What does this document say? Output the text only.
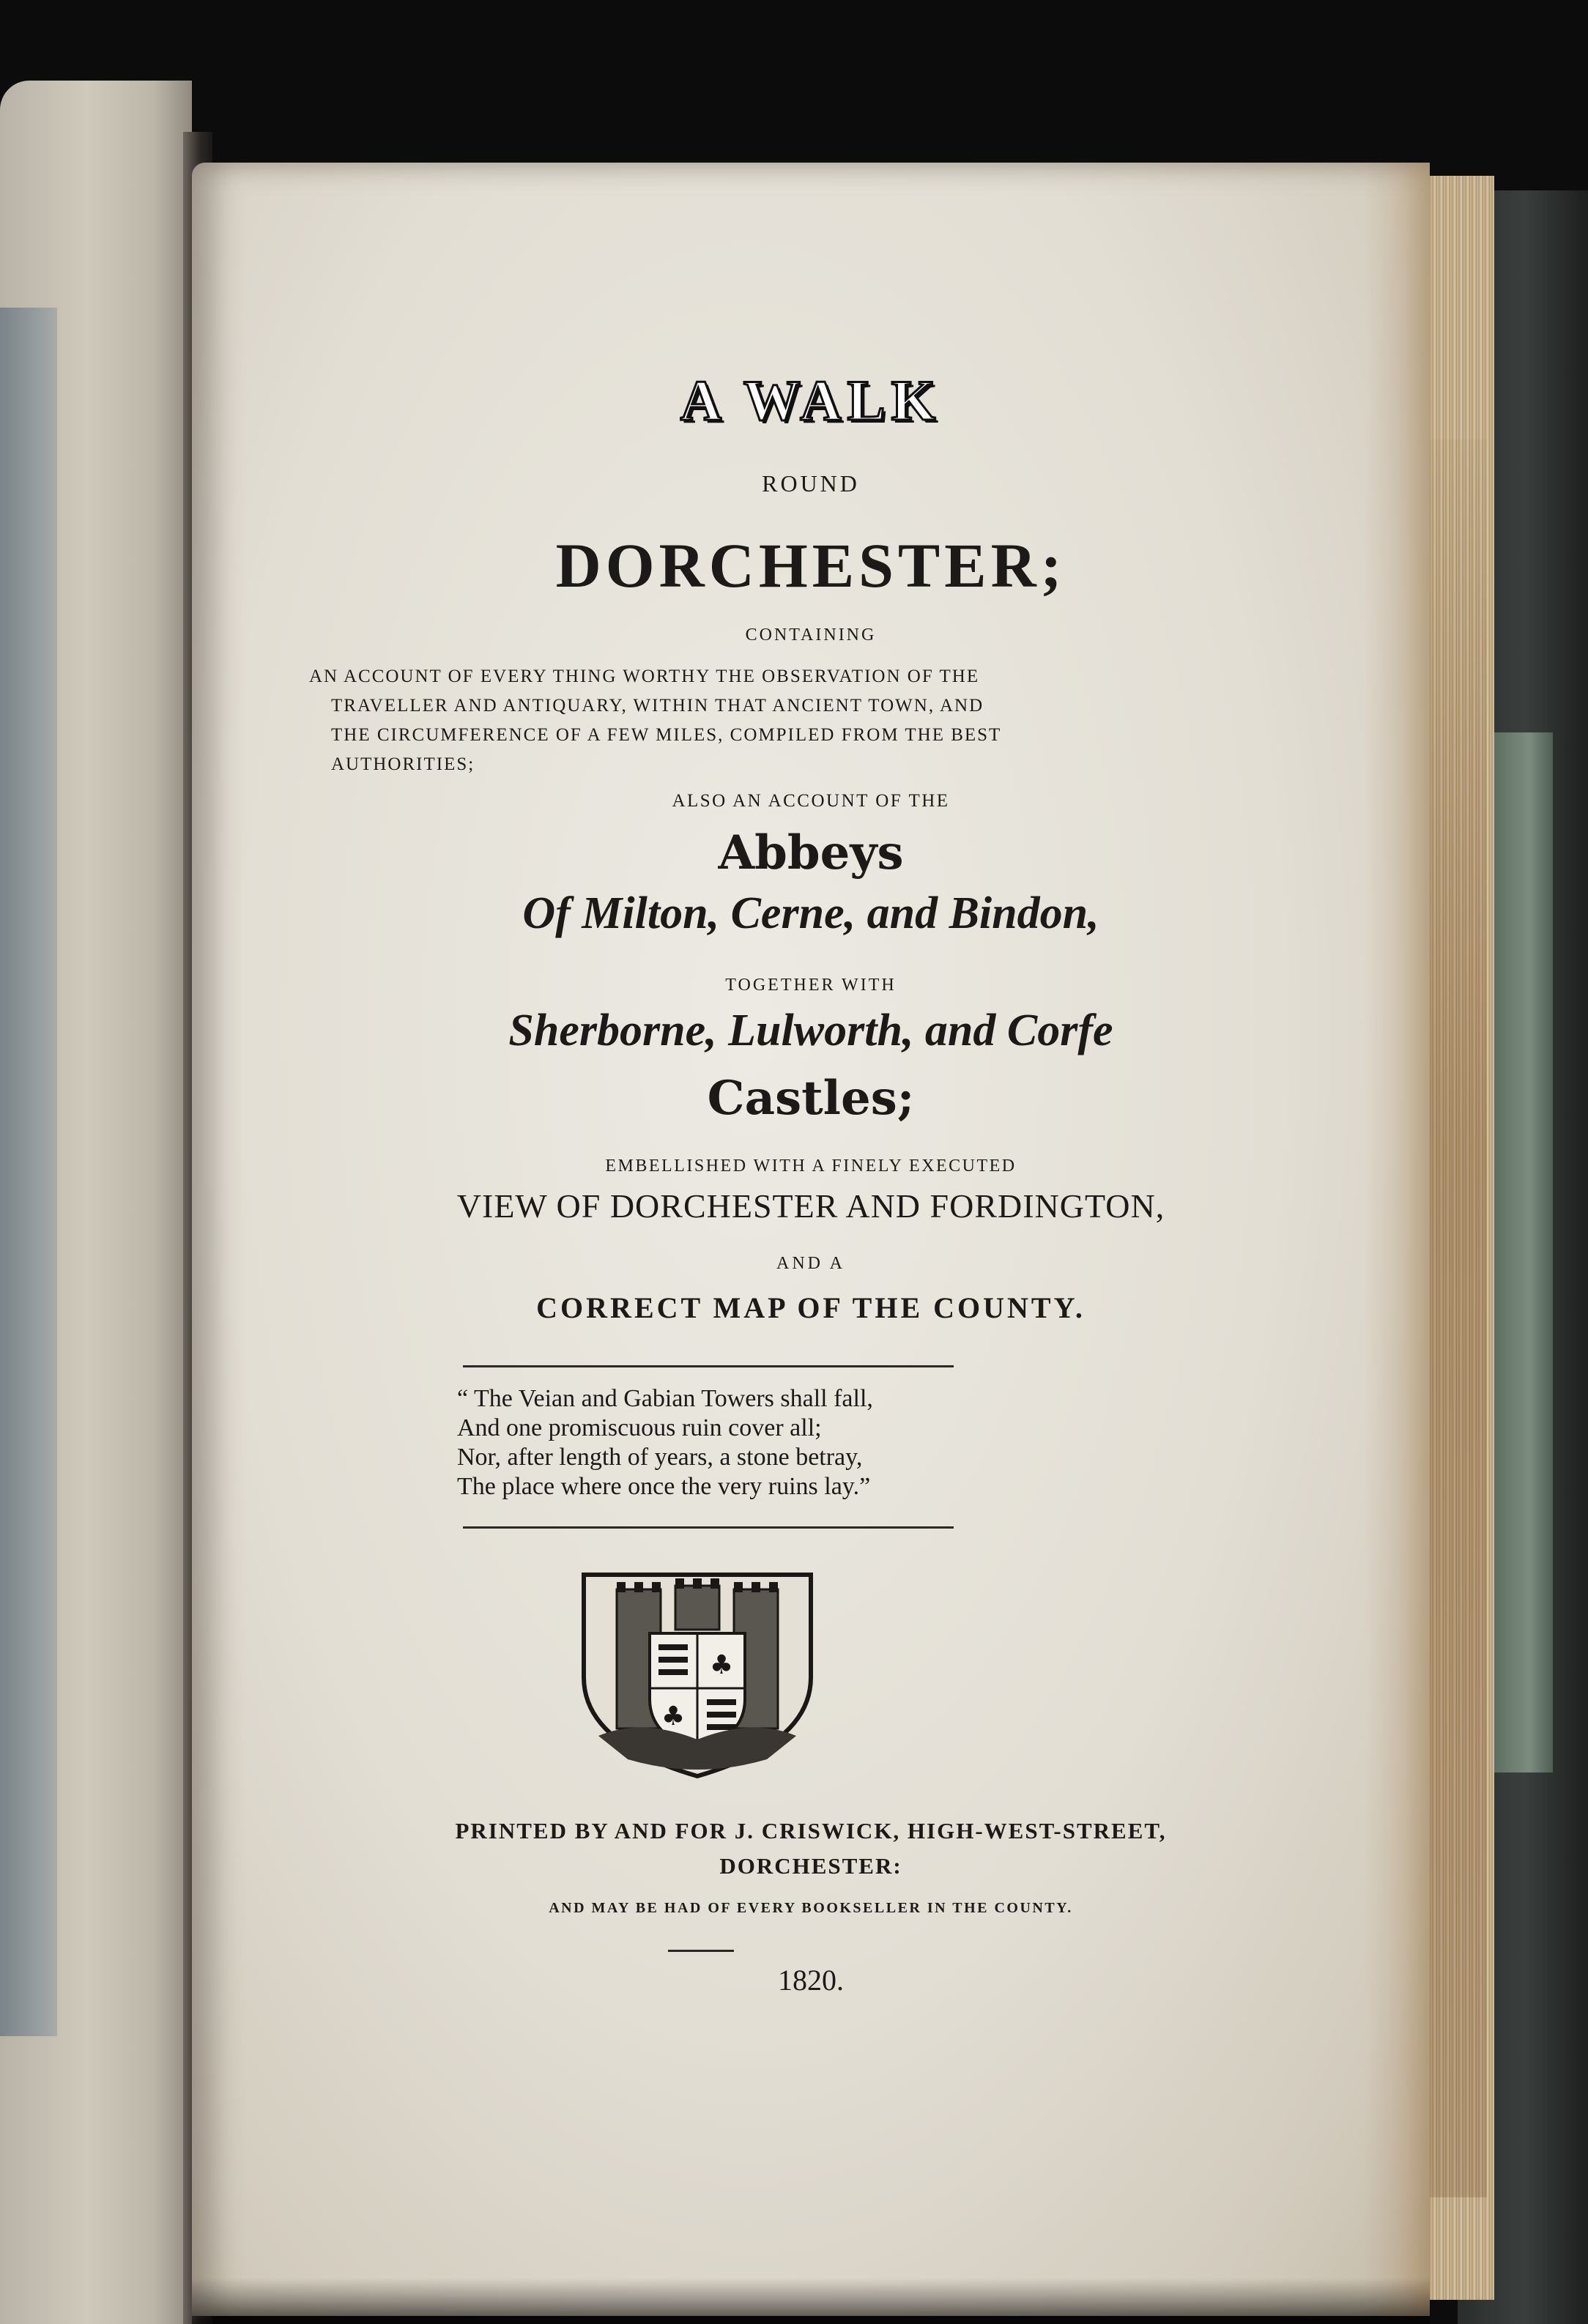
A WALK
ROUND
DORCHESTER;
CONTAINING
AN ACCOUNT OF EVERY THING WORTHY THE OBSERVATION OF THE
TRAVELLER AND ANTIQUARY, WITHIN THAT ANCIENT TOWN, AND
THE CIRCUMFERENCE OF A FEW MILES, COMPILED FROM THE BEST
AUTHORITIES;
ALSO AN ACCOUNT OF THE
Abbeys
Of Milton, Cerne, and Bindon,
TOGETHER WITH
Sherborne, Lulworth, and Corfe
Castles;
EMBELLISHED WITH A FINELY EXECUTED
VIEW OF DORCHESTER AND FORDINGTON,
AND A
CORRECT MAP OF THE COUNTY.
“ The Veian and Gabian Towers shall fall,
And one promiscuous ruin cover all;
Nor, after length of years, a stone betray,
The place where once the very ruins lay.”
♣
♣
PRINTED BY AND FOR J. CRISWICK, HIGH-WEST-STREET,
DORCHESTER:
AND MAY BE HAD OF EVERY BOOKSELLER IN THE COUNTY.
1820.
